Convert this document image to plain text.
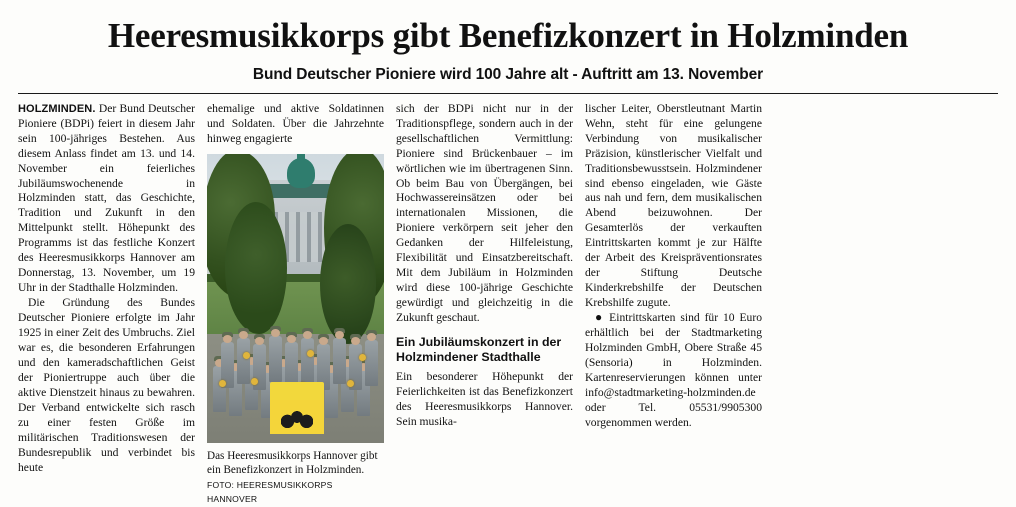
Heeresmusikkorps gibt Benefizkonzert in Holzminden
Bund Deutscher Pioniere wird 100 Jahre alt - Auftritt am 13. November

HOLZMINDEN. Der Bund Deutscher Pioniere (BDPi) feiert in diesem Jahr sein 100-jähriges Bestehen. Aus diesem Anlass findet am 13. und 14. November ein feierliches Jubiläumswochenende in Holzminden statt, das Geschichte, Tradition und Zukunft in den Mittelpunkt stellt. Höhepunkt des Programms ist das festliche Konzert des Heeresmusikkorps Hannover am Donnerstag, 13. November, um 19 Uhr in der Stadthalle Holzminden.

Die Gründung des Bundes Deutscher Pioniere erfolgte im Jahr 1925 in einer Zeit des Umbruchs. Ziel war es, die besonderen Erfahrungen und den kameradschaftlichen Geist der Pioniertruppe auch über die aktive Dienstzeit hinaus zu bewahren. Der Verband entwickelte sich rasch zu einer festen Größe im militärischen Traditionswesen der Bundesrepublik und verbindet bis heute

ehemalige und aktive Soldatinnen und Soldaten. Über die Jahrzehnte hinweg engagierte

Das Heeresmusikkorps Hannover gibt ein Benefizkonzert in Holzminden. FOTO: HEERESMUSIKKORPS HANNOVER

sich der BDPi nicht nur in der Traditionspflege, sondern auch in der gesellschaftlichen Vermittlung: Pioniere sind Brückenbauer – im wörtlichen wie im übertragenen Sinn. Ob beim Bau von Übergängen, bei Hochwassereinsätzen oder bei internationalen Missionen, die Pioniere verkörpern seit jeher den Gedanken der Hilfeleistung, Flexibilität und Einsatzbereitschaft. Mit dem Jubiläum in Holzminden wird diese 100-jährige Geschichte gewürdigt und gleichzeitig in die Zukunft geschaut.

Ein Jubiläumskonzert in der Holzmindener Stadthalle

Ein besonderer Höhepunkt der Feierlichkeiten ist das Benefizkonzert des Heeresmusikkorps Hannover. Sein musika-

lischer Leiter, Oberstleutnant Martin Wehn, steht für eine gelungene Verbindung von musikalischer Präzision, künstlerischer Vielfalt und Traditionsbewusstsein. Holzmindener sind ebenso eingeladen, wie Gäste aus nah und fern, dem musikalischen Abend beizuwohnen. Der Gesamterlös der verkauften Eintrittskarten kommt je zur Hälfte der Arbeit des Kreispräventionsrates der Stiftung Deutsche Kinderkrebshilfe der Deutschen Krebshilfe zugute.

● Eintrittskarten sind für 10 Euro erhältlich bei der Stadtmarketing Holzminden GmbH, Obere Straße 45 (Sensoria) in Holzminden. Kartenreservierungen können unter info@stadtmarketing-holzminden.de oder Tel. 05531/9905300 vorgenommen werden.
